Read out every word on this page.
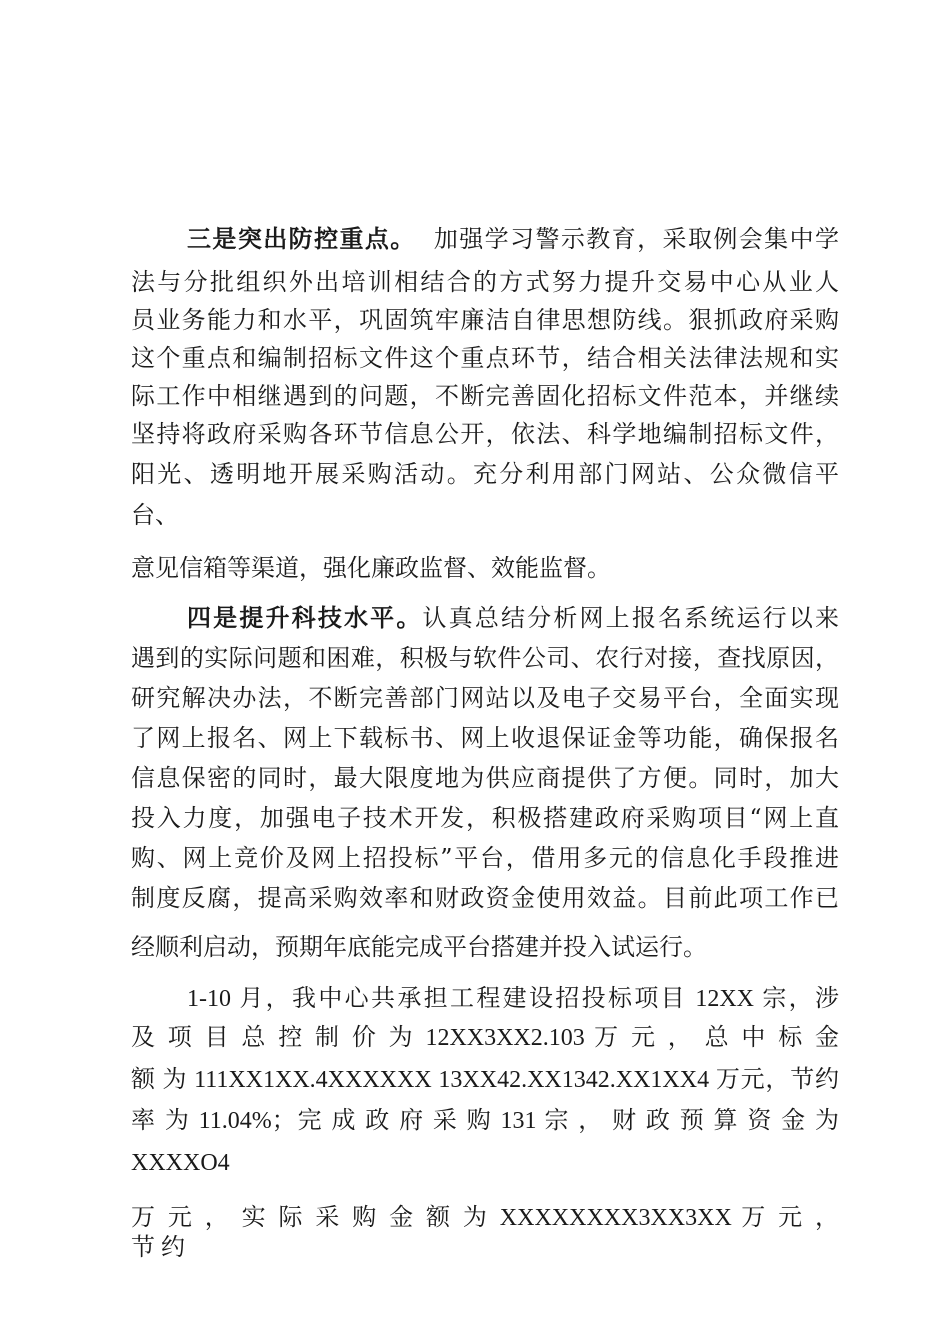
三是突出防控重点。 加强学习警示教育，采取例会集中学
法与分批组织外出培训相结合的方式努力提升交易中心从业人
员业务能力和水平，巩固筑牢廉洁自律思想防线。狠抓政府采购
这个重点和编制招标文件这个重点环节，结合相关法律法规和实
际工作中相继遇到的问题，不断完善固化招标文件范本，并继续
坚持将政府采购各环节信息公开，依法、科学地编制招标文件，
阳光、透明地开展采购活动。充分利用部门网站、公众微信平
台、
意见信箱等渠道，强化廉政监督、效能监督。
四是提升科技水平。认真总结分析网上报名系统运行以来
遇到的实际问题和困难，积极与软件公司、农行对接，查找原因，
研究解决办法，不断完善部门网站以及电子交易平台，全面实现
了网上报名、网上下载标书、网上收退保证金等功能，确保报名
信息保密的同时，最大限度地为供应商提供了方便。同时，加大
投入力度，加强电子技术开发，积极搭建政府采购项目“网上直
购、网上竞价及网上招投标”平台，借用多元的信息化手段推进
制度反腐，提高采购效率和财政资金使用效益。目前此项工作已
经顺利启动，预期年底能完成平台搭建并投入试运行。
1-10 月，我中心共承担工程建设招投标项目 12XX 宗，涉
及 项 目 总 控 制 价 为 12XX3XX2.103 万 元 ， 总 中 标 金
额 为 111XX1XX.4XXXXXX 13XX42.XX1342.XX1XX4 万元，节约
率 为 11.04%；完 成 政 府 采 购 131 宗 ， 财 政 预 算 资 金 为
XXXXO4
万 元 ， 实 际 采 购 金 额 为 XXXXXXXX3XX3XX 万 元 ，
节 约
